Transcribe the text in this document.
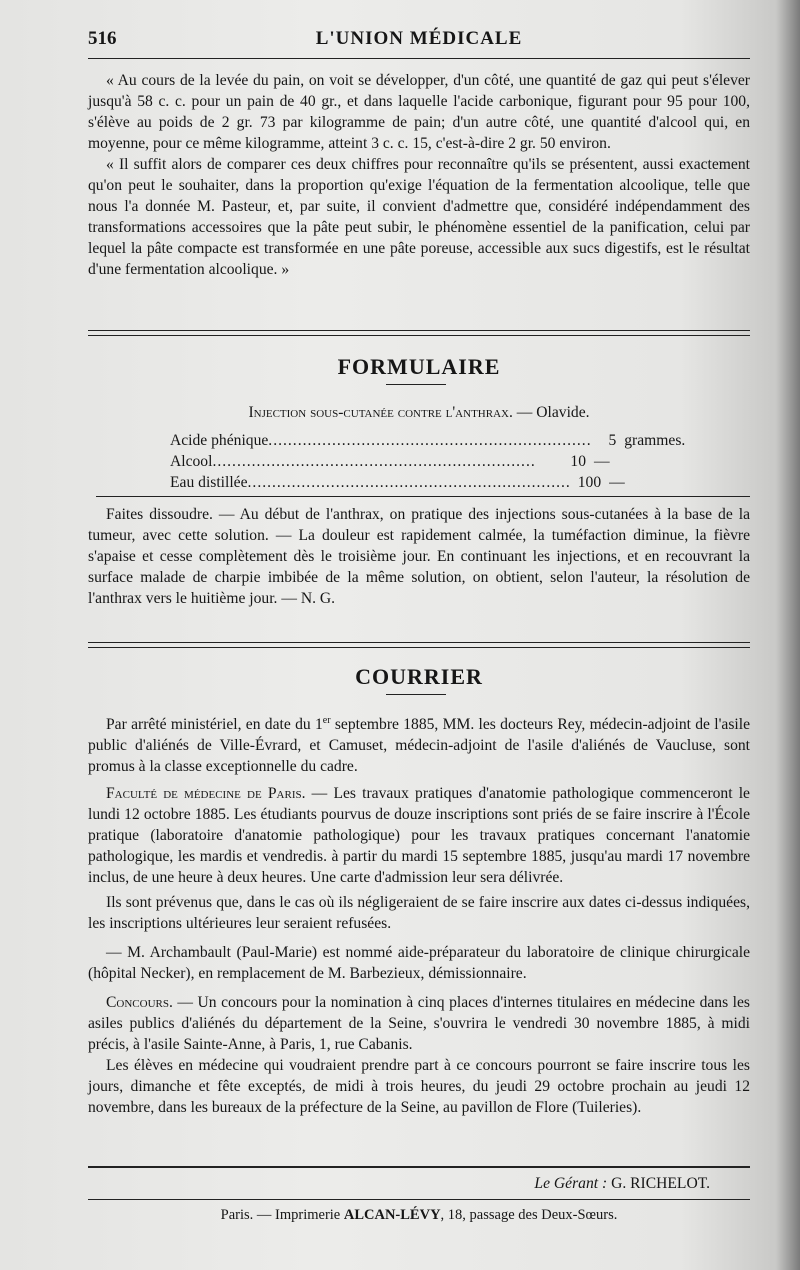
516	L'UNION MÉDICALE

« Au cours de la levée du pain, on voit se développer, d'un côté, une quantité de gaz qui peut s'élever jusqu'à 58 c. c. pour un pain de 40 gr., et dans laquelle l'acide carbonique, figurant pour 95 pour 100, s'élève au poids de 2 gr. 73 par kilogramme de pain; d'un autre côté, une quantité d'alcool qui, en moyenne, pour ce même kilogramme, atteint 3 c. c. 15, c'est-à-dire 2 gr. 50 environ.

« Il suffit alors de comparer ces deux chiffres pour reconnaître qu'ils se présentent, aussi exactement qu'on peut le souhaiter, dans la proportion qu'exige l'équation de la fermentation alcoolique, telle que nous l'a donnée M. Pasteur, et, par suite, il convient d'admettre que, considéré indépendamment des transformations accessoires que la pâte peut subir, le phénomène essentiel de la panification, celui par lequel la pâte compacte est transformée en une pâte poreuse, accessible aux sucs digestifs, est le résultat d'une fermentation alcoolique. »

FORMULAIRE
Injection sous-cutanée contre l'anthrax. — Olavide.
Acide phénique ..................................................................	5 grammes.
Alcool ..................................................................	10 —
Eau distillée .................................................................. 100 —

Faites dissoudre. — Au début de l'anthrax, on pratique des injections sous-cutanées à la base de la tumeur, avec cette solution. — La douleur est rapidement calmée, la tuméfaction diminue, la fièvre s'apaise et cesse complètement dès le troisième jour. En continuant les injections, et en recouvrant la surface malade de charpie imbibée de la même solution, on obtient, selon l'auteur, la résolution de l'anthrax vers le huitième jour. — N. G.

COURRIER

Par arrêté ministériel, en date du 1er septembre 1885, MM. les docteurs Rey, médecin-adjoint de l'asile public d'aliénés de Ville-Évrard, et Camuset, médecin-adjoint de l'asile d'aliénés de Vaucluse, sont promus à la classe exceptionnelle du cadre.

Faculté de médecine de Paris. — Les travaux pratiques d'anatomie pathologique commenceront le lundi 12 octobre 1885. Les étudiants pourvus de douze inscriptions sont priés de se faire inscrire à l'École pratique (laboratoire d'anatomie pathologique) pour les travaux pratiques concernant l'anatomie pathologique, les mardis et vendredis. à partir du mardi 15 septembre 1885, jusqu'au mardi 17 novembre inclus, de une heure à deux heures. Une carte d'admission leur sera délivrée.

Ils sont prévenus que, dans le cas où ils négligeraient de se faire inscrire aux dates ci-dessus indiquées, les inscriptions ultérieures leur seraient refusées.

— M. Archambault (Paul-Marie) est nommé aide-préparateur du laboratoire de clinique chirurgicale (hôpital Necker), en remplacement de M. Barbezieux, démissionnaire.

Concours. — Un concours pour la nomination à cinq places d'internes titulaires en médecine dans les asiles publics d'aliénés du département de la Seine, s'ouvrira le vendredi 30 novembre 1885, à midi précis, à l'asile Sainte-Anne, à Paris, 1, rue Cabanis.

Les élèves en médecine qui voudraient prendre part à ce concours pourront se faire inscrire tous les jours, dimanche et fête exceptés, de midi à trois heures, du jeudi 29 octobre prochain au jeudi 12 novembre, dans les bureaux de la préfecture de la Seine, au pavillon de Flore (Tuileries).

Le Gérant : G. RICHELOT.
Paris. — Imprimerie ALCAN-LÉVY, 18, passage des Deux-Sœurs.
